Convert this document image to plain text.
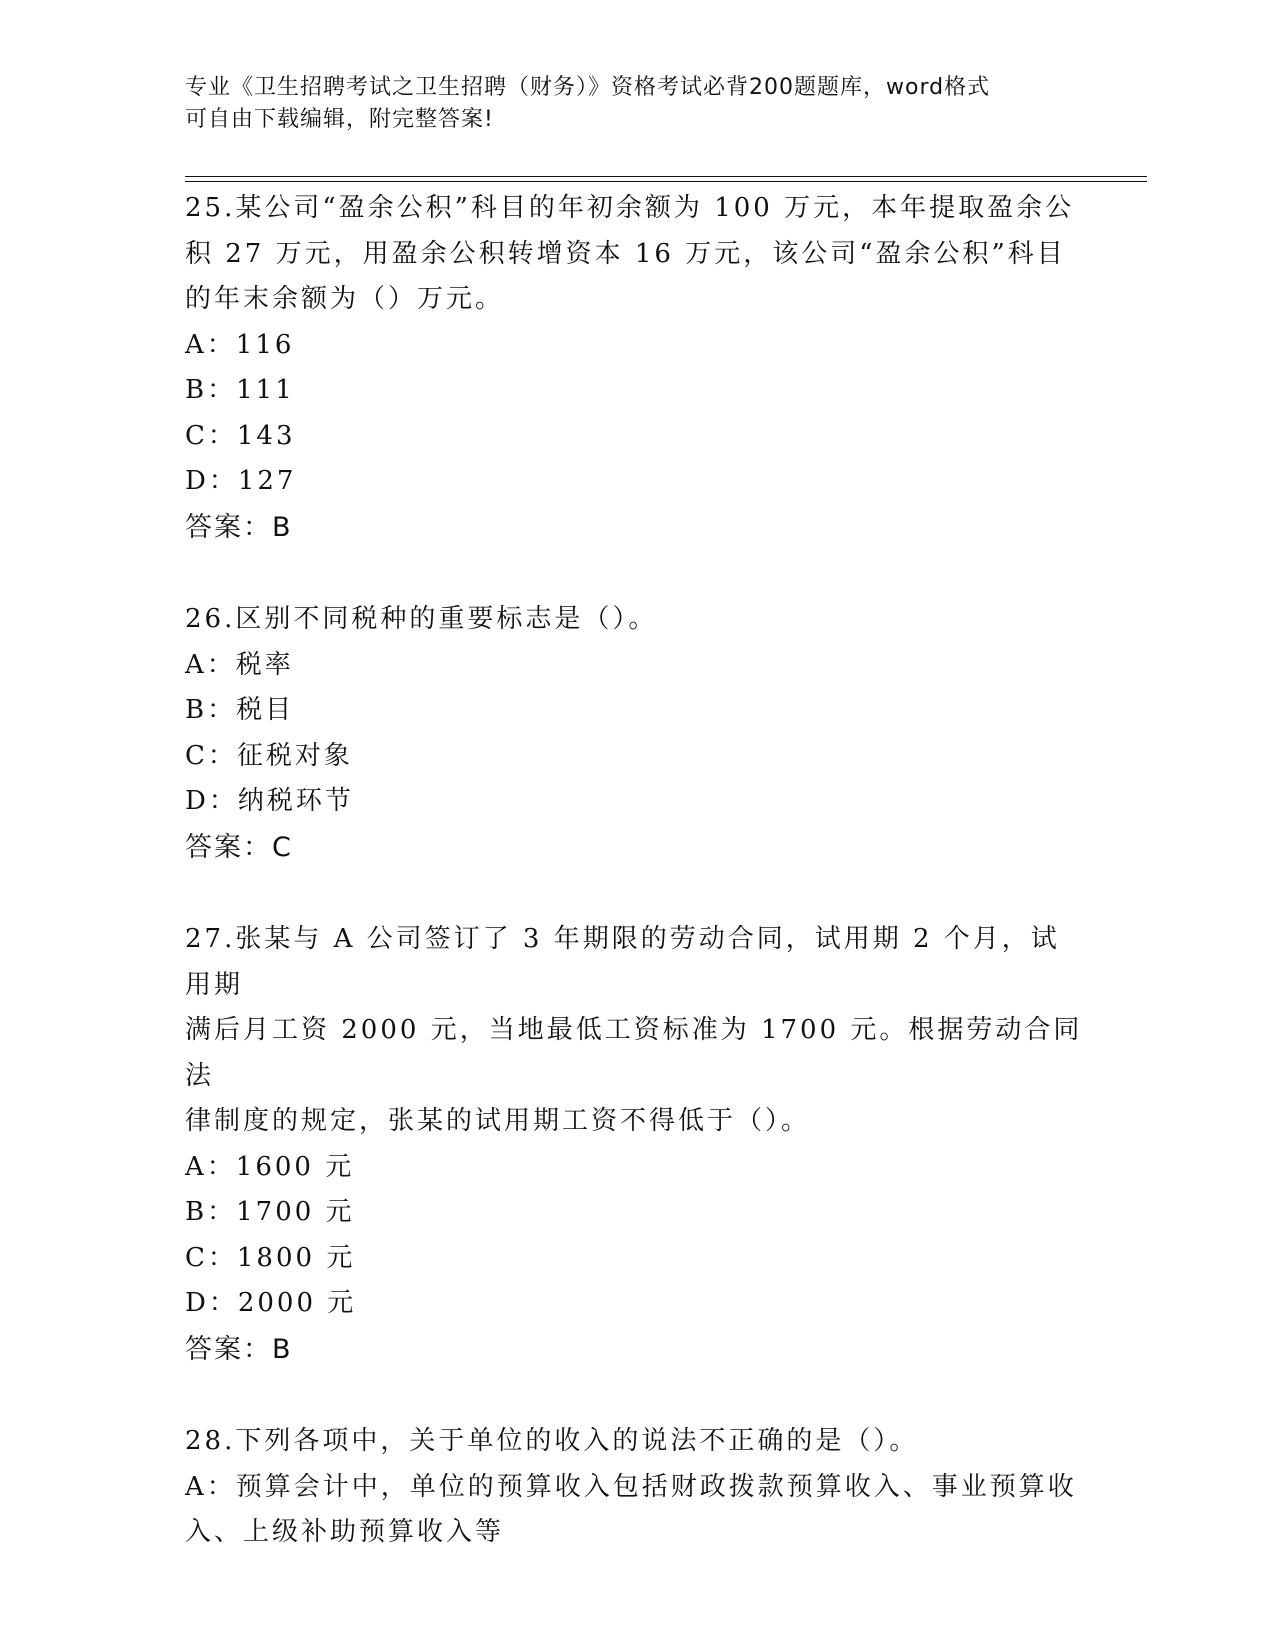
专业《卫生招聘考试之卫生招聘（财务）》资格考试必背200题题库，word格式
可自由下载编辑，附完整答案!

25.某公司“盈余公积”科目的年初余额为 100 万元，本年提取盈余公

积 27 万元，用盈余公积转增资本 16 万元，该公司“盈余公积”科目

的年末余额为（）万元。

A：116

B：111

C：143

D：127

答案：B

26.区别不同税种的重要标志是（）。

A：税率

B：税目

C：征税对象

D：纳税环节

答案：C

27.张某与 A 公司签订了 3 年期限的劳动合同，试用期 2 个月，试用期

满后月工资 2000 元，当地最低工资标准为 1700 元。根据劳动合同法

律制度的规定，张某的试用期工资不得低于（）。

A：1600 元

B：1700 元

C：1800 元

D：2000 元

答案：B

28.下列各项中，关于单位的收入的说法不正确的是（）。

A：预算会计中，单位的预算收入包括财政拨款预算收入、事业预算收

入、上级补助预算收入等
